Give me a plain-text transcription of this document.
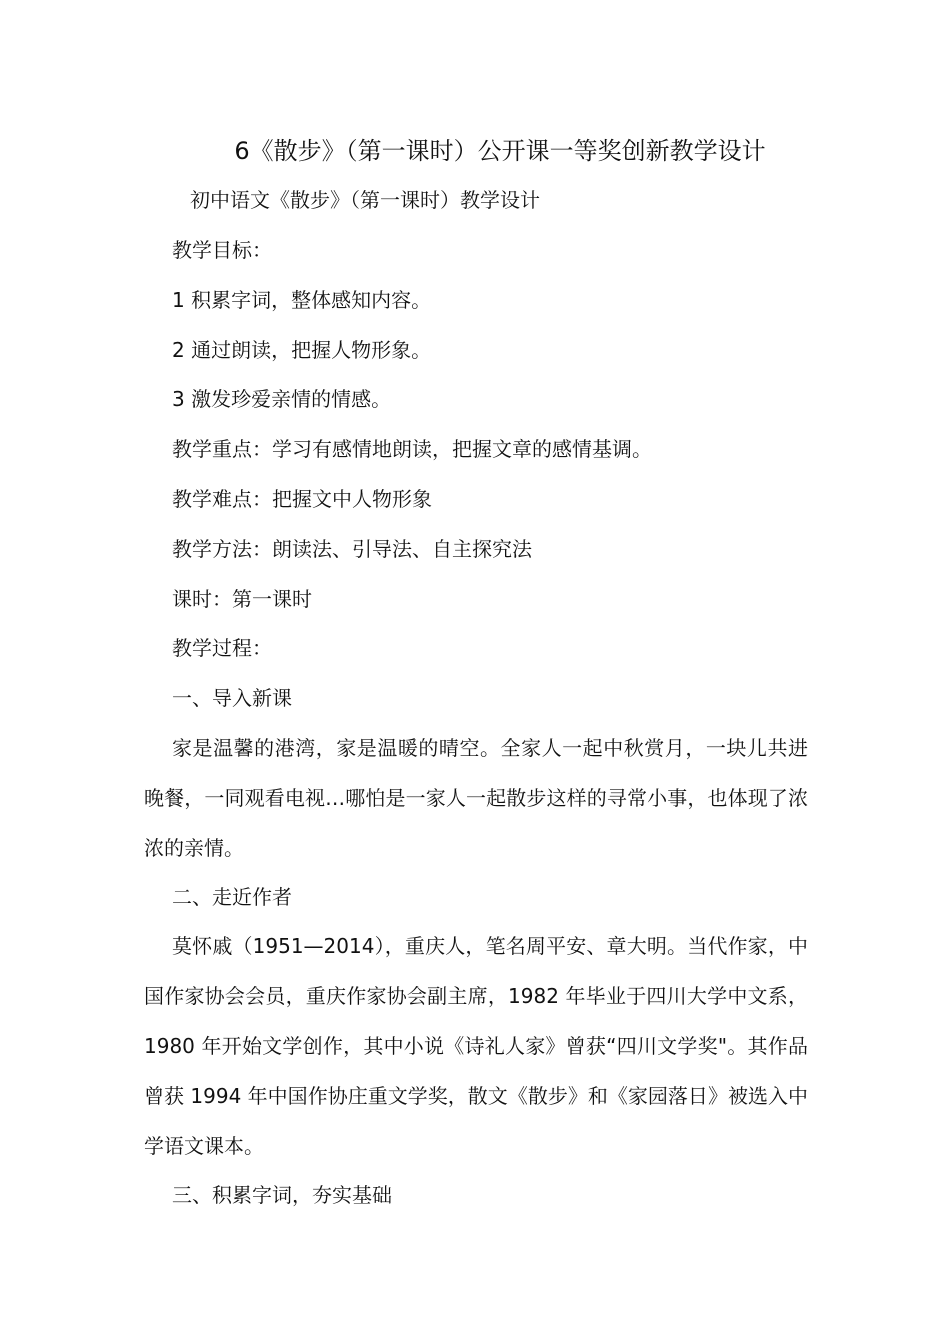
6《散步》（第一课时）公开课一等奖创新教学设计
初中语文《散步》（第一课时）教学设计
教学目标：
1 积累字词，整体感知内容。
2 通过朗读，把握人物形象。
3 激发珍爱亲情的情感。
教学重点：学习有感情地朗读，把握文章的感情基调。
教学难点：把握文中人物形象
教学方法：朗读法、引导法、自主探究法
课时：第一课时
教学过程：
一、导入新课
家是温馨的港湾，家是温暖的晴空。全家人一起中秋赏月，一块儿共进晚餐，一同观看电视…哪怕是一家人一起散步这样的寻常小事，也体现了浓浓的亲情。
二、走近作者
莫怀戚（1951—2014），重庆人，笔名周平安、章大明。当代作家，中国作家协会会员，重庆作家协会副主席，1982 年毕业于四川大学中文系，1980 年开始文学创作，其中小说《诗礼人家》曾获“四川文学奖"。其作品曾获 1994 年中国作协庄重文学奖，散文《散步》和《家园落日》被选入中学语文课本。
三、积累字词，夯实基础
